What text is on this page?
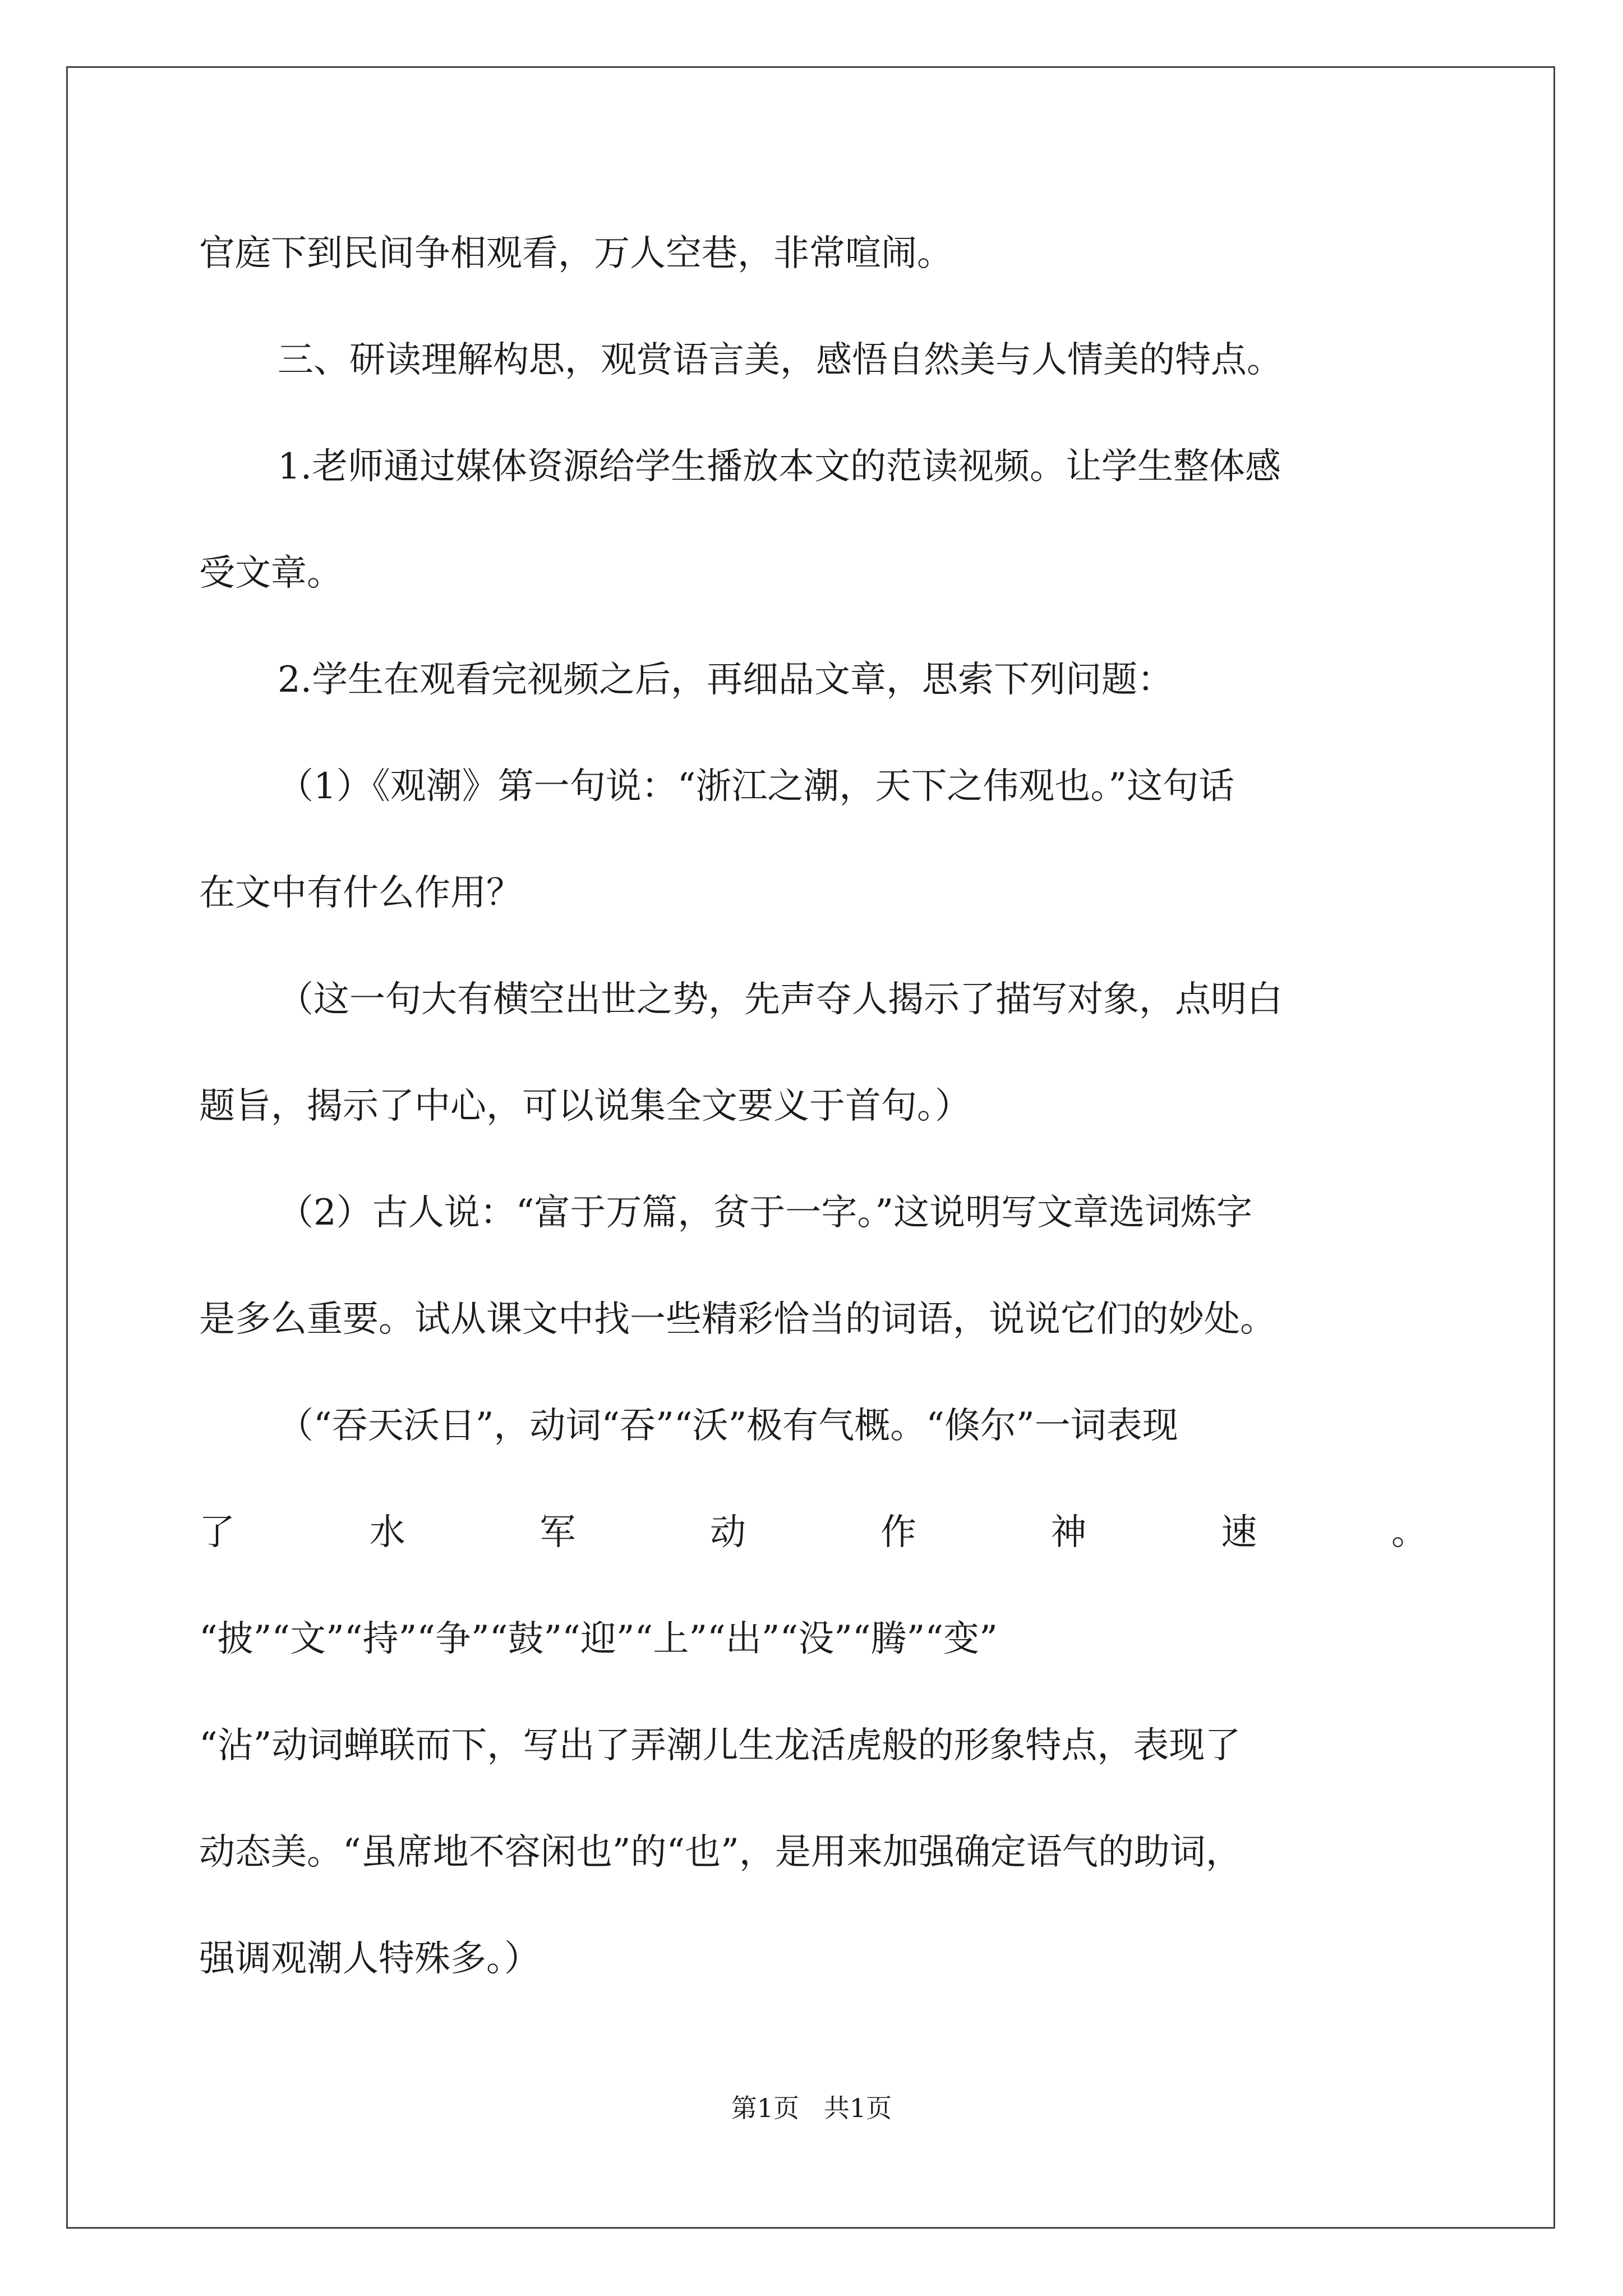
官庭下到民间争相观看，万人空巷，非常喧闹。
三、研读理解构思，观赏语言美，感悟自然美与人情美的特点。
1.老师通过媒体资源给学生播放本文的范读视频。让学生整体感
受文章。
2.学生在观看完视频之后，再细品文章，思索下列问题：
（1）《观潮》第一句说：“浙江之潮，天下之伟观也。”这句话
在文中有什么作用？
（这一句大有横空出世之势，先声夺人揭示了描写对象，点明白
题旨，揭示了中心，可以说集全文要义于首句。）
（2）古人说：“富于万篇，贫于一字。”这说明写文章选词炼字
是多么重要。试从课文中找一些精彩恰当的词语，说说它们的妙处。
（“吞天沃日”，动词“吞”“沃”极有气概。“倏尔”一词表现
了	水	军	动	作	神	速	。
“披”“文”“持”“争”“鼓”“迎”“上”“出”“没”“腾”“变”
“沾”动词蝉联而下，写出了弄潮儿生龙活虎般的形象特点，表现了
动态美。“虽席地不容闲也”的“也”，是用来加强确定语气的助词，
强调观潮人特殊多。）
第1页   共1页
